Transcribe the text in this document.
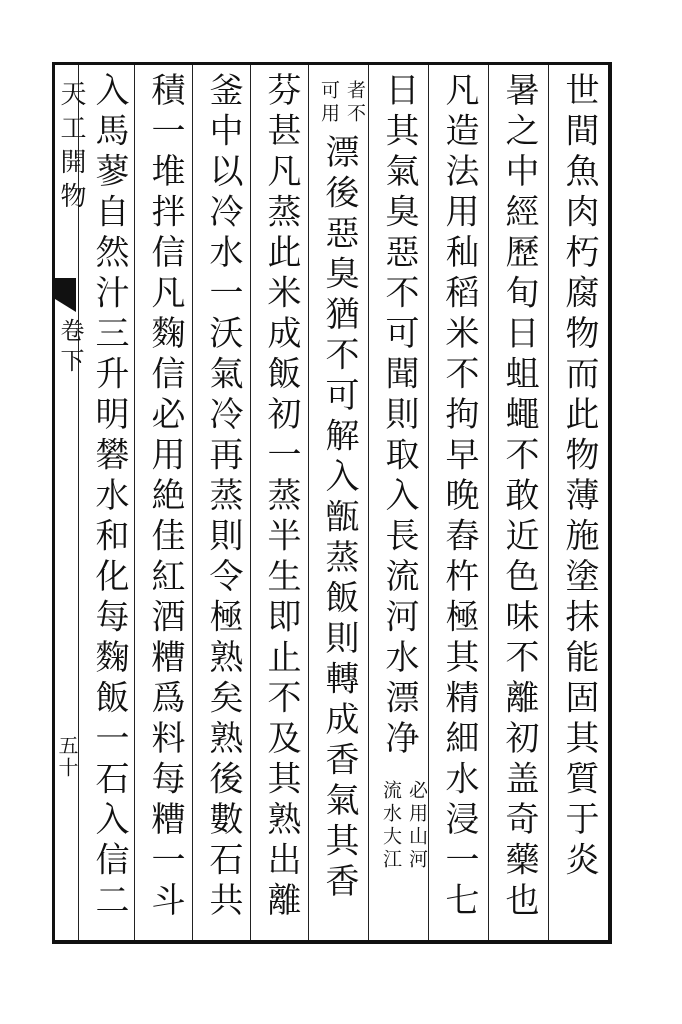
天工開物
卷下
五十	世間魚肉朽腐物而此物薄施塗抹能固其質于炎
暑之中經歷旬日蛆蠅不敢近色味不離初盖奇藥也
凡造法用秈稻米不拘早晚舂杵極其精細水浸一七
日其氣臭惡不可聞則取入長流河水漂净
必用山河
流水大江
者不
可用
漂後惡臭猶不可解入甑蒸飯則轉成香氣其香
芬甚凡蒸此米成飯初一蒸半生即止不及其熟出離
釜中以冷水一沃氣冷再蒸則令極熟矣熟後數石共
積一堆拌信凡麴信必用絶佳紅酒糟爲料每糟一斗
入馬蓼自然汁三升明礬水和化每麴飯一石入信二
